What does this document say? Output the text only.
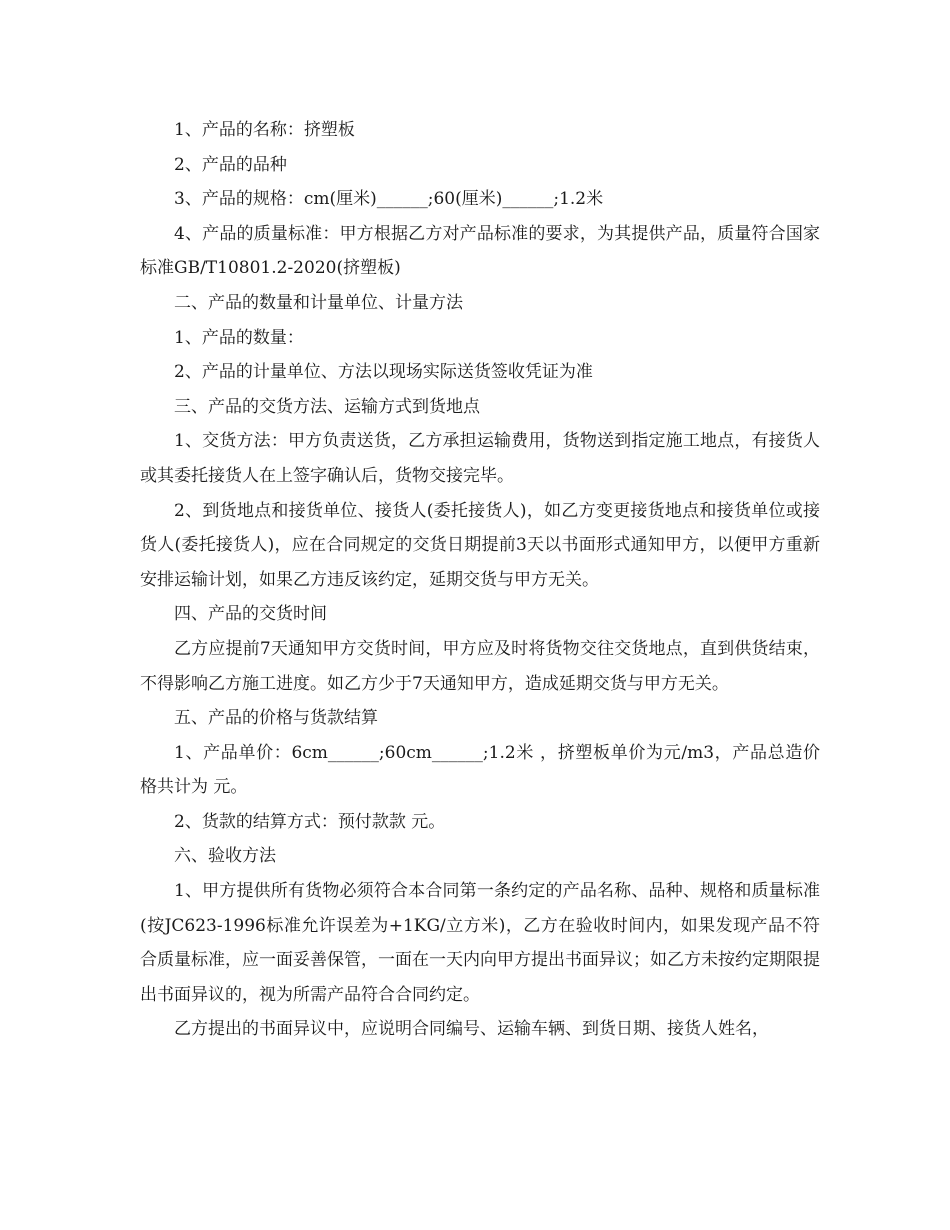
1、产品的名称：挤塑板

2、产品的品种

3、产品的规格：cm(厘米)______;60(厘米)______;1.2米

4、产品的质量标准：甲方根据乙方对产品标准的要求，为其提供产品，质量符合国家标准GB/T10801.2-2020(挤塑板)

二、产品的数量和计量单位、计量方法

1、产品的数量：

2、产品的计量单位、方法以现场实际送货签收凭证为准

三、产品的交货方法、运输方式到货地点

1、交货方法：甲方负责送货，乙方承担运输费用，货物送到指定施工地点，有接货人或其委托接货人在上签字确认后，货物交接完毕。

2、到货地点和接货单位、接货人(委托接货人)，如乙方变更接货地点和接货单位或接货人(委托接货人)，应在合同规定的交货日期提前3天以书面形式通知甲方，以便甲方重新安排运输计划，如果乙方违反该约定，延期交货与甲方无关。

四、产品的交货时间

乙方应提前7天通知甲方交货时间，甲方应及时将货物交往交货地点，直到供货结束，不得影响乙方施工进度。如乙方少于7天通知甲方，造成延期交货与甲方无关。

五、产品的价格与货款结算

1、产品单价：6cm______;60cm______;1.2米 ，挤塑板单价为元/m3，产品总造价格共计为 元。

2、货款的结算方式：预付款款 元。

六、验收方法

1、甲方提供所有货物必须符合本合同第一条约定的产品名称、品种、规格和质量标准(按JC623-1996标准允许误差为+1KG/立方米)，乙方在验收时间内，如果发现产品不符合质量标准，应一面妥善保管，一面在一天内向甲方提出书面异议；如乙方未按约定期限提出书面异议的，视为所需产品符合合同约定。

乙方提出的书面异议中，应说明合同编号、运输车辆、到货日期、接货人姓名，
